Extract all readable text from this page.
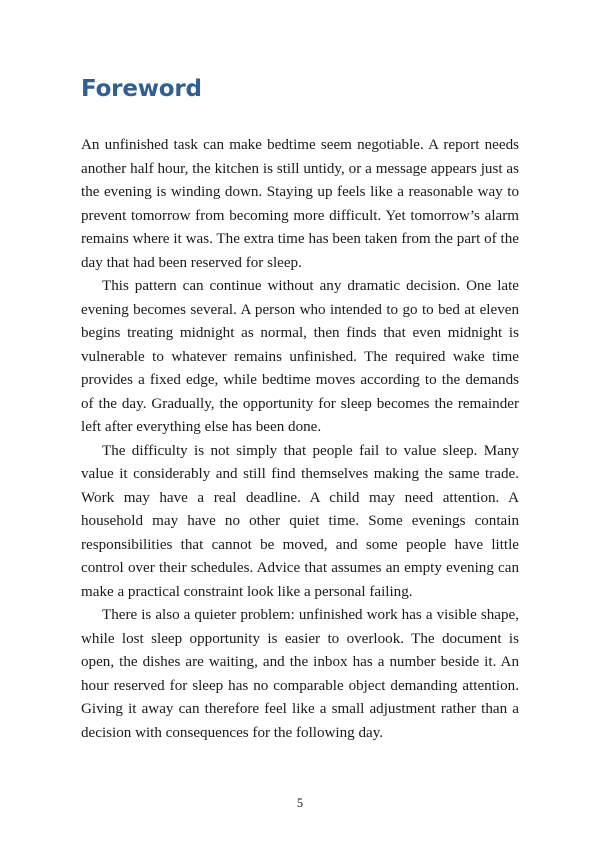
Foreword

An unfinished task can make bedtime seem negotiable. A report needs another half hour, the kitchen is still untidy, or a message appears just as the evening is winding down. Staying up feels like a reasonable way to prevent tomorrow from becoming more difficult. Yet tomorrow’s alarm remains where it was. The extra time has been taken from the part of the day that had been reserved for sleep.

This pattern can continue without any dramatic decision. One late evening becomes several. A person who intended to go to bed at eleven begins treating midnight as normal, then finds that even midnight is vulnerable to whatever remains unfinished. The required wake time provides a fixed edge, while bedtime moves according to the demands of the day. Gradually, the opportunity for sleep becomes the remainder left after everything else has been done.

The difficulty is not simply that people fail to value sleep. Many value it considerably and still find themselves making the same trade. Work may have a real deadline. A child may need attention. A household may have no other quiet time. Some evenings contain responsibilities that cannot be moved, and some people have little control over their schedules. Advice that assumes an empty evening can make a practical constraint look like a personal failing.

There is also a quieter problem: unfinished work has a visible shape, while lost sleep opportunity is easier to overlook. The document is open, the dishes are waiting, and the inbox has a number beside it. An hour reserved for sleep has no comparable object demanding attention. Giving it away can therefore feel like a small adjustment rather than a decision with consequences for the following day.

5
